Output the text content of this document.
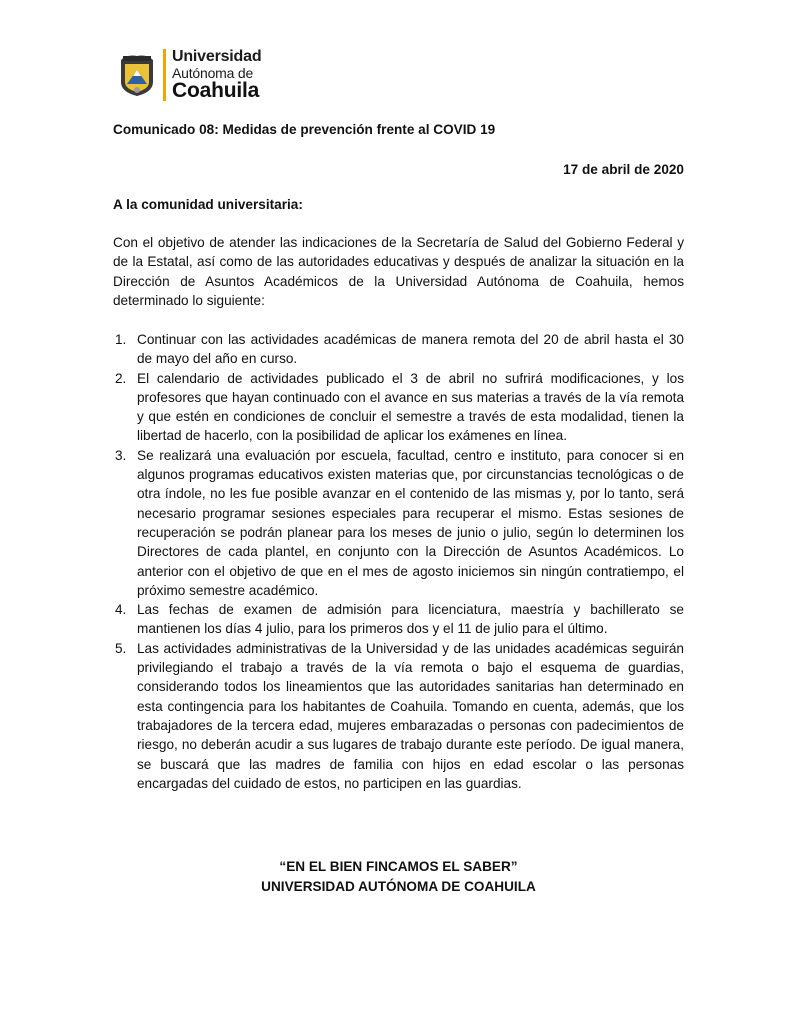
Universidad
Autónoma de
Coahuila
Comunicado 08: Medidas de prevención frente al COVID 19
17 de abril de 2020
A la comunidad universitaria:
Con el objetivo de atender las indicaciones de la Secretaría de Salud del Gobierno Federal y de la Estatal, así como de las autoridades educativas y después de analizar la situación en la Dirección de Asuntos Académicos de la Universidad Autónoma de Coahuila, hemos determinado lo siguiente:
1. Continuar con las actividades académicas de manera remota del 20 de abril hasta el 30 de mayo del año en curso.
2. El calendario de actividades publicado el 3 de abril no sufrirá modificaciones, y los profesores que hayan continuado con el avance en sus materias a través de la vía remota y que estén en condiciones de concluir el semestre a través de esta modalidad, tienen la libertad de hacerlo, con la posibilidad de aplicar los exámenes en línea.
3. Se realizará una evaluación por escuela, facultad, centro e instituto, para conocer si en algunos programas educativos existen materias que, por circunstancias tecnológicas o de otra índole, no les fue posible avanzar en el contenido de las mismas y, por lo tanto, será necesario programar sesiones especiales para recuperar el mismo. Estas sesiones de recuperación se podrán planear para los meses de junio o julio, según lo determinen los Directores de cada plantel, en conjunto con la Dirección de Asuntos Académicos. Lo anterior con el objetivo de que en el mes de agosto iniciemos sin ningún contratiempo, el próximo semestre académico.
4. Las fechas de examen de admisión para licenciatura, maestría y bachillerato se mantienen los días 4 julio, para los primeros dos y el 11 de julio para el último.
5. Las actividades administrativas de la Universidad y de las unidades académicas seguirán privilegiando el trabajo a través de la vía remota o bajo el esquema de guardias, considerando todos los lineamientos que las autoridades sanitarias han determinado en esta contingencia para los habitantes de Coahuila. Tomando en cuenta, además, que los trabajadores de la tercera edad, mujeres embarazadas o personas con padecimientos de riesgo, no deberán acudir a sus lugares de trabajo durante este período. De igual manera, se buscará que las madres de familia con hijos en edad escolar o las personas encargadas del cuidado de estos, no participen en las guardias.
“EN EL BIEN FINCAMOS EL SABER”
UNIVERSIDAD AUTÓNOMA DE COAHUILA
